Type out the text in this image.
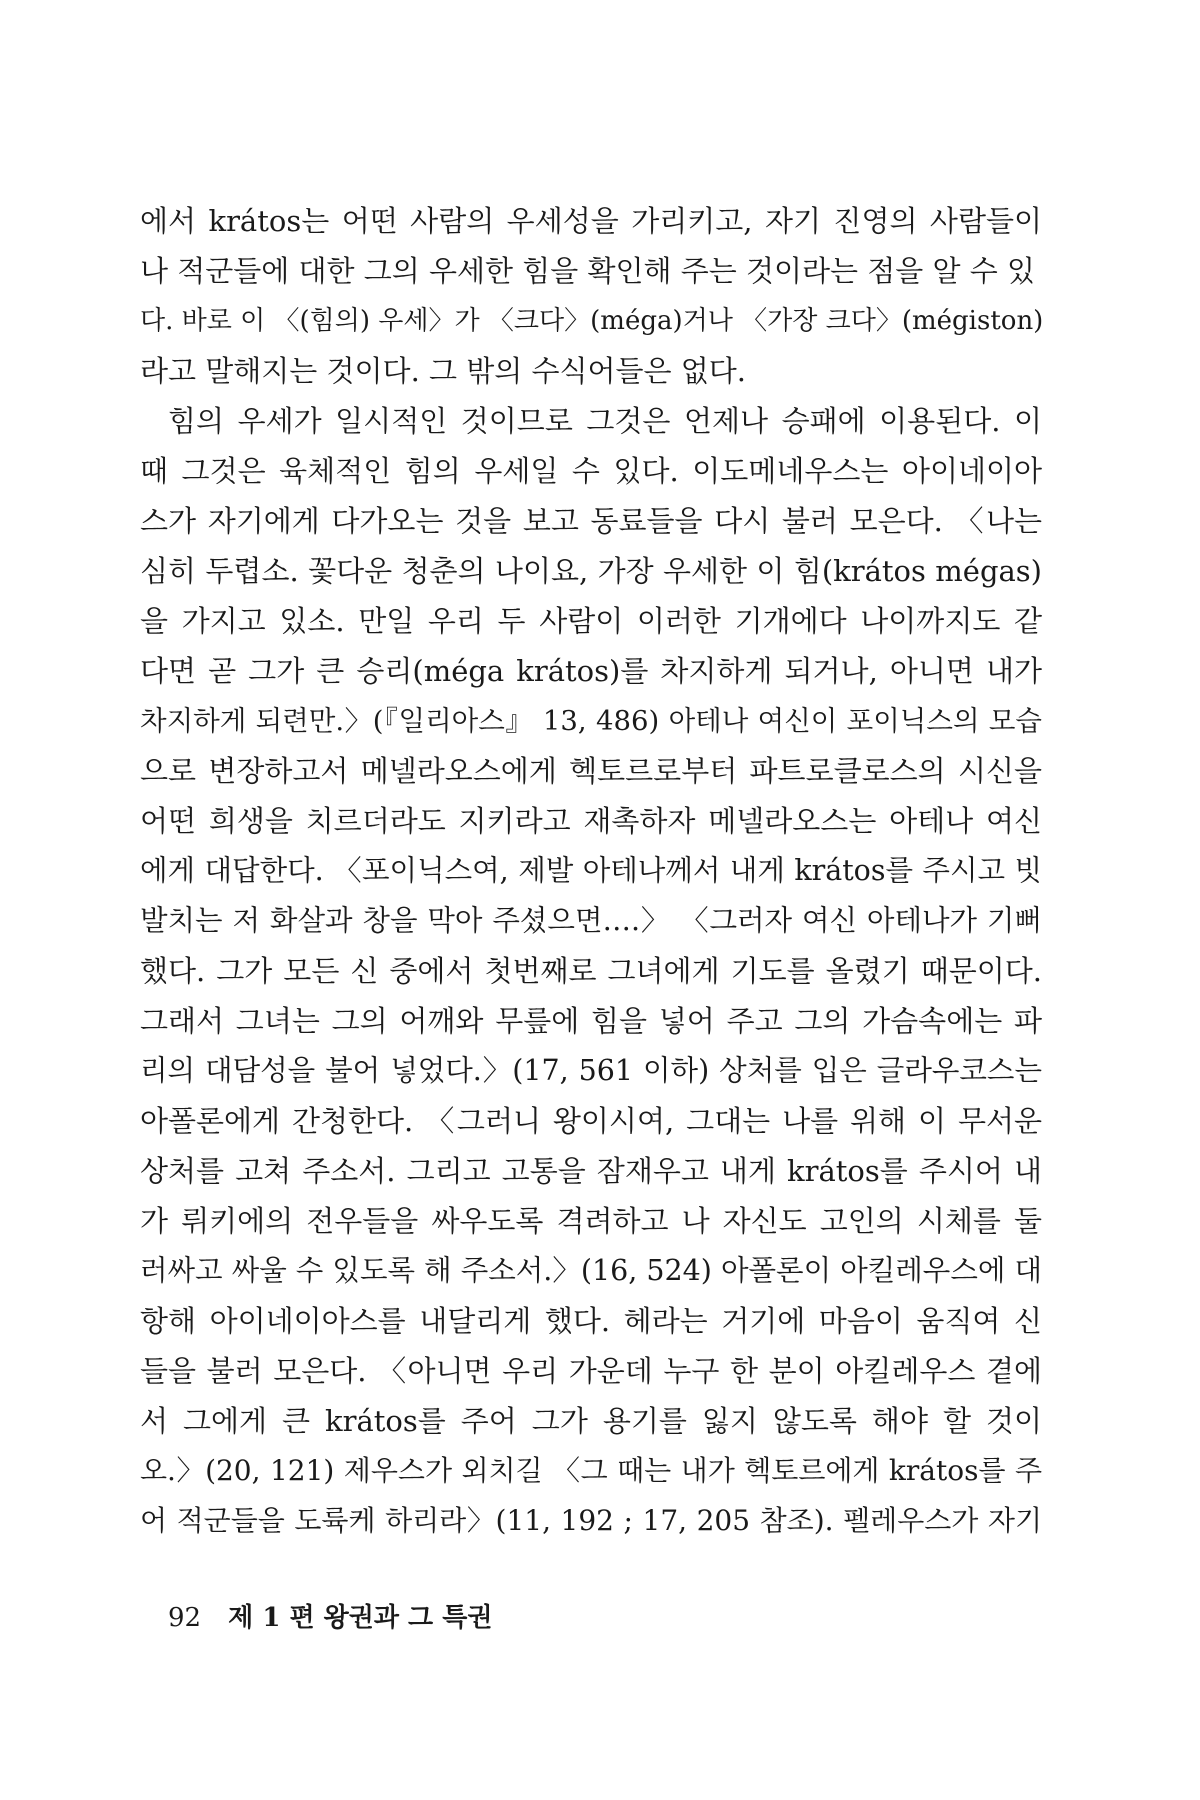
에서 krátos는 어떤 사람의 우세성을 가리키고, 자기 진영의 사람들이
나 적군들에 대한 그의 우세한 힘을 확인해 주는 것이라는 점을 알 수 있
다. 바로 이 〈(힘의) 우세〉가 〈크다〉(méga)거나 〈가장 크다〉(mégiston)
라고 말해지는 것이다. 그 밖의 수식어들은 없다.
힘의 우세가 일시적인 것이므로 그것은 언제나 승패에 이용된다. 이
때 그것은 육체적인 힘의 우세일 수 있다. 이도메네우스는 아이네이아
스가 자기에게 다가오는 것을 보고 동료들을 다시 불러 모은다. 〈나는
심히 두렵소. 꽃다운 청춘의 나이요, 가장 우세한 이 힘(krátos mégas)
을 가지고 있소. 만일 우리 두 사람이 이러한 기개에다 나이까지도 같
다면 곧 그가 큰 승리(méga krátos)를 차지하게 되거나, 아니면 내가
차지하게 되련만.〉(『일리아스』 13, 486) 아테나 여신이 포이닉스의 모습
으로 변장하고서 메넬라오스에게 헥토르로부터 파트로클로스의 시신을
어떤 희생을 치르더라도 지키라고 재촉하자 메넬라오스는 아테나 여신
에게 대답한다. 〈포이닉스여, 제발 아테나께서 내게 krátos를 주시고 빗
발치는 저 화살과 창을 막아 주셨으면….〉 〈그러자 여신 아테나가 기뻐
했다. 그가 모든 신 중에서 첫번째로 그녀에게 기도를 올렸기 때문이다.
그래서 그녀는 그의 어깨와 무릎에 힘을 넣어 주고 그의 가슴속에는 파
리의 대담성을 불어 넣었다.〉(17, 561 이하) 상처를 입은 글라우코스는
아폴론에게 간청한다. 〈그러니 왕이시여, 그대는 나를 위해 이 무서운
상처를 고쳐 주소서. 그리고 고통을 잠재우고 내게 krátos를 주시어 내
가 뤼키에의 전우들을 싸우도록 격려하고 나 자신도 고인의 시체를 둘
러싸고 싸울 수 있도록 해 주소서.〉(16, 524) 아폴론이 아킬레우스에 대
항해 아이네이아스를 내달리게 했다. 헤라는 거기에 마음이 움직여 신
들을 불러 모은다. 〈아니면 우리 가운데 누구 한 분이 아킬레우스 곁에
서 그에게 큰 krátos를 주어 그가 용기를 잃지 않도록 해야 할 것이
오.〉(20, 121) 제우스가 외치길 〈그 때는 내가 헥토르에게 krátos를 주
어 적군들을 도륙케 하리라〉(11, 192 ; 17, 205 참조). 펠레우스가 자기
92 제 1 편 왕권과 그 특권
